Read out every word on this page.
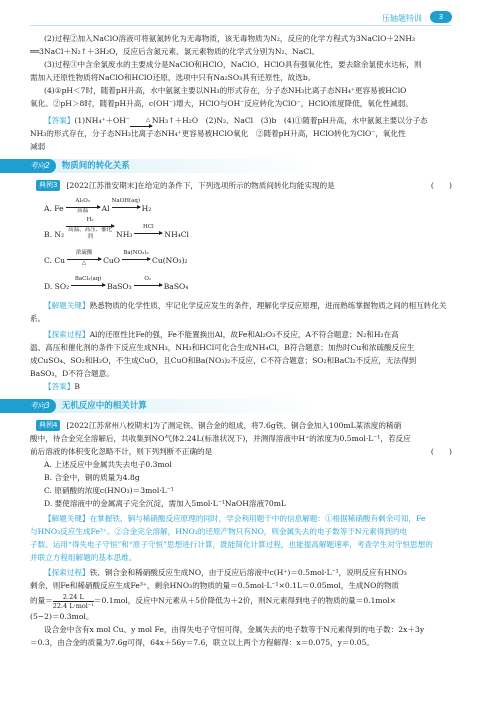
压轴题特训	3

(2)过程②加入NaClO溶液可将氨氮转化为无毒物质，该无毒物质为N₂，反应的化学方程式为3NaClO＋2NH₃

══3NaCl＋N₂↑＋3H₂O，反应后含氮元素、氯元素物质的化学式分别为N₂、NaCl。

(3)过程③中含余氯废水的主要成分是NaClO和HClO，NaClO、HClO具有强氧化性，要去除余氯使水达标，则

需加入还原性物质将NaClO和HClO还原，选项中只有Na₂SO₃具有还原性，故选b。

(4)①pH＜7时，随着pH升高，水中氨氮主要以NH₃的形式存在，分子态NH₃比离子态NH₄⁺更容易被HClO

氧化。②pH＞8时，随着pH升高，c(OH⁻)增大，HClO与OH⁻反应转化为ClO⁻，HClO浓度降低，氧化性减弱。

【答案】(1)NH₄⁺＋OH⁻	△ NH₃↑＋H₂O　(2)N₂、NaCl　(3)b　(4)①随着pH升高，水中氨氮主要以分子态

NH₃的形式存在，分子态NH₃比离子态NH₄⁺更容易被HClO氧化　②随着pH升高，HClO转化为ClO⁻，氧化性

减弱

考向2	物质间的转化关系

典例3	[2022江苏淮安期末]在给定的条件下，下列选项所示的物质间转化均能实现的是	(　　)

A. Fe
Al₂O₃
高温	Al
NaOH(aq)

H₂
B. N₂
H₂
高温、高压、催化剂	NH₃
HCl

NH₄Cl
C. Cu
浓硫酸
△	CuO
Ba(NO₃)₂

Cu(NO₃)₂
D. SO₂
BaCl₂(aq)

BaSO₃
O₂

BaSO₄

【解题关键】熟悉物质的化学性质，牢记化学反应发生的条件，理解化学反应原理，进而熟练掌握物质之间的相互转化关系。

【探索过程】Al的还原性比Fe的强，Fe不能置换出Al，故Fe和Al₂O₃不反应，A不符合题意；N₂和H₂在高

温、高压和催化剂的条件下反应生成NH₃，NH₃和HCl可化合生成NH₄Cl，B符合题意；加热时Cu和浓硫酸反应生

成CuSO₄、SO₂和H₂O，不生成CuO，且CuO和Ba(NO₃)₂不反应，C不符合题意；SO₂和BaCl₂不反应，无法得到

BaSO₃，D不符合题意。

【答案】B

考向3	无机反应中的相关计算

典例4	[2022江苏常州八校期末]为了测定铁、铜合金的组成，将7.6g铁、铜合金加入100mL某浓度的稀硝

酸中，待合金完全溶解后，共收集到NO气体2.24L(标准状况下)，并测得溶液中H⁺的浓度为0.5mol·L⁻¹，若反应

前后溶液的体积变化忽略不计，则下列判断不正确的是	(　　)

A. 上述反应中金属共失去电子0.3mol

B. 合金中，铜的质量为4.8g

C. 原硝酸的浓度c(HNO₃)＝3mol·L⁻¹

D. 要使溶液中的金属离子完全沉淀，需加入5mol·L⁻¹NaOH溶液70mL

【解题关键】在掌握铁、铜与稀硝酸反应原理的同时，学会利用题干中的信息解题：①根据稀硝酸有剩余可知，Fe

与HNO₃反应生成Fe³⁺。②合金完全溶解，HNO₃的还原产物只有NO，则金属失去的电子数等于N元素得到的电

子数。运用“得失电子守恒”和“原子守恒”思想进行计算，既能简化计算过程，也能提高解题速率，考查学生对守恒思想的

并联立方程组解题的基本思维。

【探索过程】铁、铜合金和稀硝酸反应生成NO，由于反应后溶液中c(H⁺)＝0.5mol·L⁻¹，说明反应有HNO₃

剩余，则Fe和稀硝酸反应生成Fe³⁺，剩余HNO₃的物质的量＝0.5mol·L⁻¹×0.1L＝0.05mol，生成NO的物质

的量＝ $\frac{2.24 L}{\text{22.4 L·mol⁻¹}} =0.1mol$，反应中N元素从＋5价降低为＋2价，则N元素得到电子的物质的量＝0.1mol×

(5−2)＝0.3mol。

设合金中含有x mol Cu、y mol Fe，由得失电子守恒可得，金属失去的电子数等于N元素得到的电子数：2x＋3y

＝0.3，由合金的质量为7.6g可得，64x＋56y＝7.6，联立以上两个方程解得：x＝0.075，y＝0.05。
